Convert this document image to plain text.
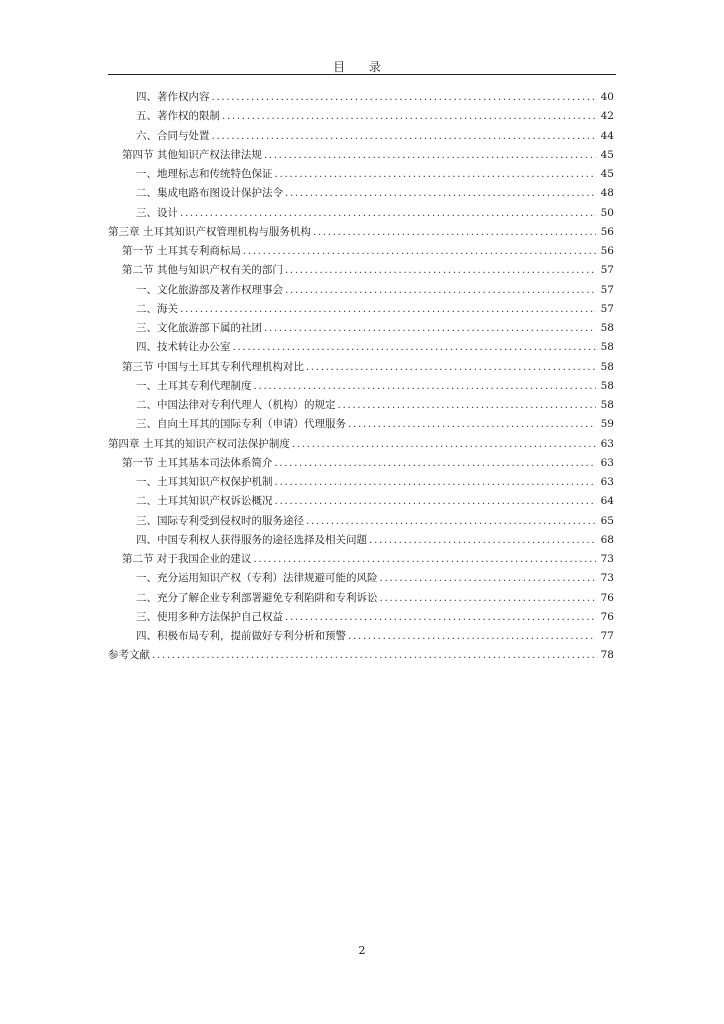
目 录
四、著作权内容 .....	40
五、著作权的限制 .....	42
六、合同与处置 .....	44
第四节 其他知识产权法律法规 .....	45
一、地理标志和传统特色保证 .....	45
二、集成电路布图设计保护法令 .....	48
三、设计 .....	50
第三章 土耳其知识产权管理机构与服务机构 .....	56
第一节 土耳其专利商标局 .....	56
第二节 其他与知识产权有关的部门 .....	57
一、文化旅游部及著作权理事会 .....	57
二、海关 .....	57
三、文化旅游部下属的社团 .....	58
四、技术转让办公室 .....	58
第三节 中国与土耳其专利代理机构对比 .....	58
一、土耳其专利代理制度 .....	58
二、中国法律对专利代理人（机构）的规定 .....	58
三、自向土耳其的国际专利（申请）代理服务 .....	59
第四章 土耳其的知识产权司法保护制度 .....	63
第一节 土耳其基本司法体系简介 .....	63
一、土耳其知识产权保护机制 .....	63
二、土耳其知识产权诉讼概况 .....	64
三、国际专利受到侵权时的服务途径 .....	65
四、中国专利权人获得服务的途径选择及相关问题 .....	68
第二节 对于我国企业的建议 .....	73
一、充分运用知识产权（专利）法律规避可能的风险 .....	73
二、充分了解企业专利部署避免专利陷阱和专利诉讼 .....	76
三、使用多种方法保护自己权益 .....	76
四、积极布局专利，提前做好专利分析和预警 .....	77
参考文献 .....	78
2
